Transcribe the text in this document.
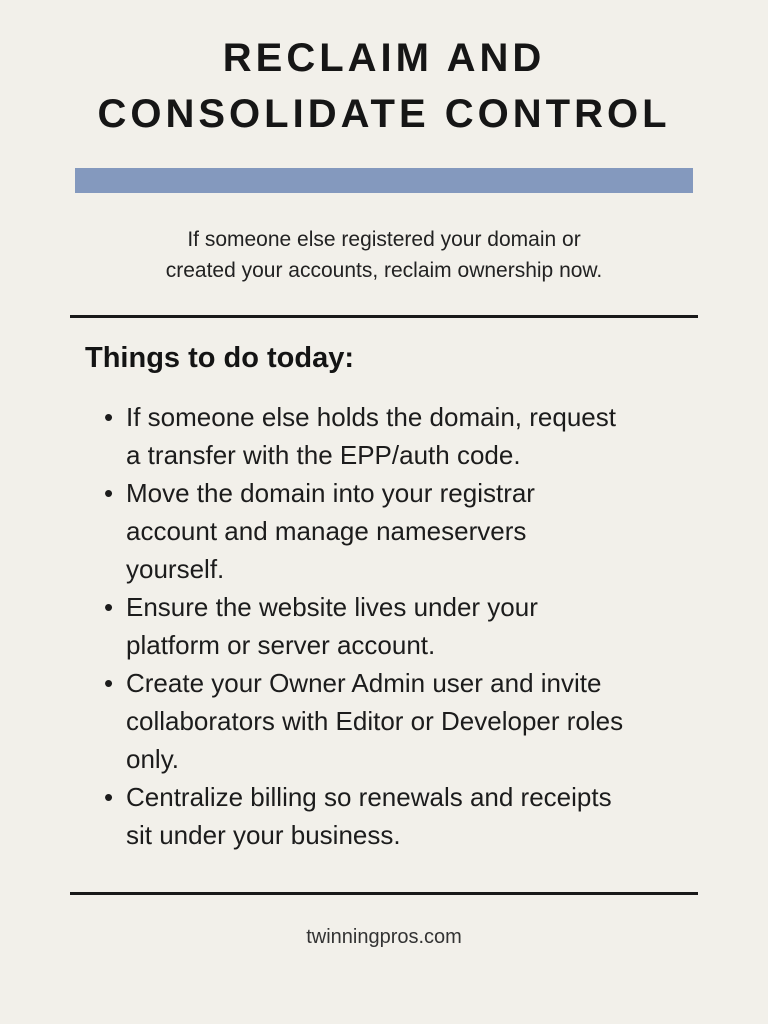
RECLAIM AND
CONSOLIDATE CONTROL

If someone else registered your domain or
created your accounts, reclaim ownership now.

Things to do today:
• If someone else holds the domain, request a transfer with the EPP/auth code.
• Move the domain into your registrar account and manage nameservers yourself.
• Ensure the website lives under your platform or server account.
• Create your Owner Admin user and invite collaborators with Editor or Developer roles only.
• Centralize billing so renewals and receipts sit under your business.
twinningpros.com
